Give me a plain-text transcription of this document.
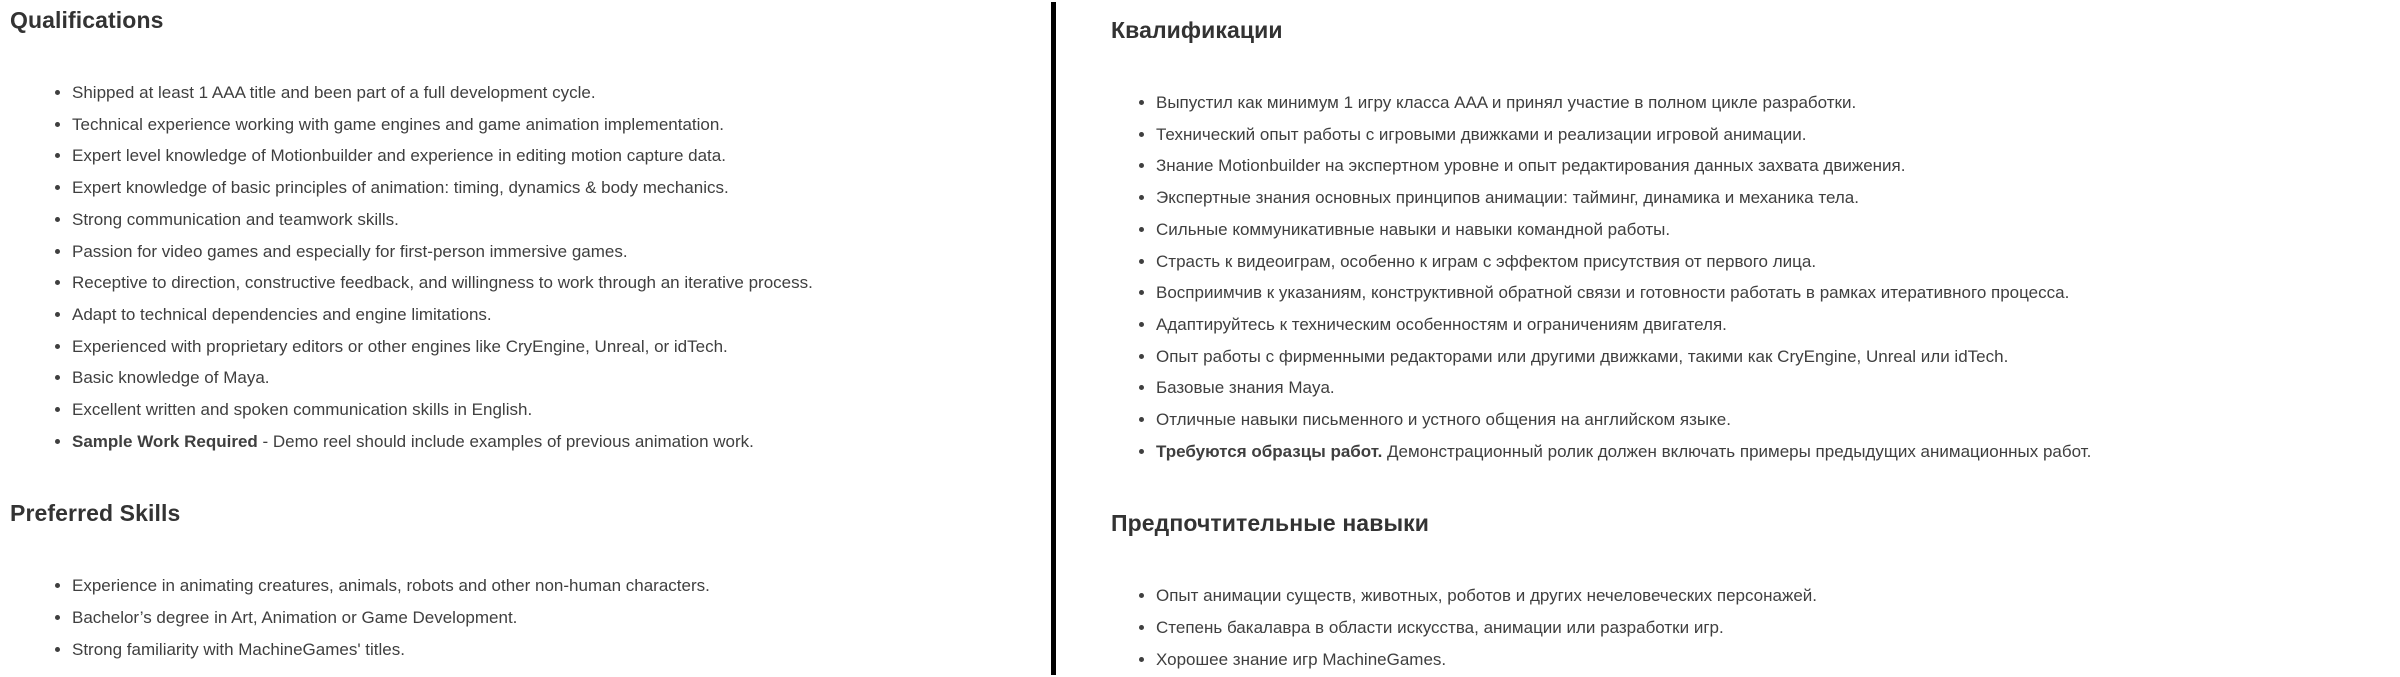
Qualifications
• Shipped at least 1 AAA title and been part of a full development cycle.
• Technical experience working with game engines and game animation implementation.
• Expert level knowledge of Motionbuilder and experience in editing motion capture data.
• Expert knowledge of basic principles of animation: timing, dynamics & body mechanics.
• Strong communication and teamwork skills.
• Passion for video games and especially for first-person immersive games.
• Receptive to direction, constructive feedback, and willingness to work through an iterative process.
• Adapt to technical dependencies and engine limitations.
• Experienced with proprietary editors or other engines like CryEngine, Unreal, or idTech.
• Basic knowledge of Maya.
• Excellent written and spoken communication skills in English.
• Sample Work Required - Demo reel should include examples of previous animation work.
Preferred Skills
• Experience in animating creatures, animals, robots and other non-human characters.
• Bachelor’s degree in Art, Animation or Game Development.
• Strong familiarity with MachineGames' titles.
Квалификации
• Выпустил как минимум 1 игру класса AAA и принял участие в полном цикле разработки.
• Технический опыт работы с игровыми движками и реализации игровой анимации.
• Знание Motionbuilder на экспертном уровне и опыт редактирования данных захвата движения.
• Экспертные знания основных принципов анимации: тайминг, динамика и механика тела.
• Сильные коммуникативные навыки и навыки командной работы.
• Страсть к видеоиграм, особенно к играм с эффектом присутствия от первого лица.
• Восприимчив к указаниям, конструктивной обратной связи и готовности работать в рамках итеративного процесса.
• Адаптируйтесь к техническим особенностям и ограничениям двигателя.
• Опыт работы с фирменными редакторами или другими движками, такими как CryEngine, Unreal или idTech.
• Базовые знания Maya.
• Отличные навыки письменного и устного общения на английском языке.
• Требуются образцы работ. Демонстрационный ролик должен включать примеры предыдущих анимационных работ.
Предпочтительные навыки
• Опыт анимации существ, животных, роботов и других нечеловеческих персонажей.
• Степень бакалавра в области искусства, анимации или разработки игр.
• Хорошее знание игр MachineGames.
